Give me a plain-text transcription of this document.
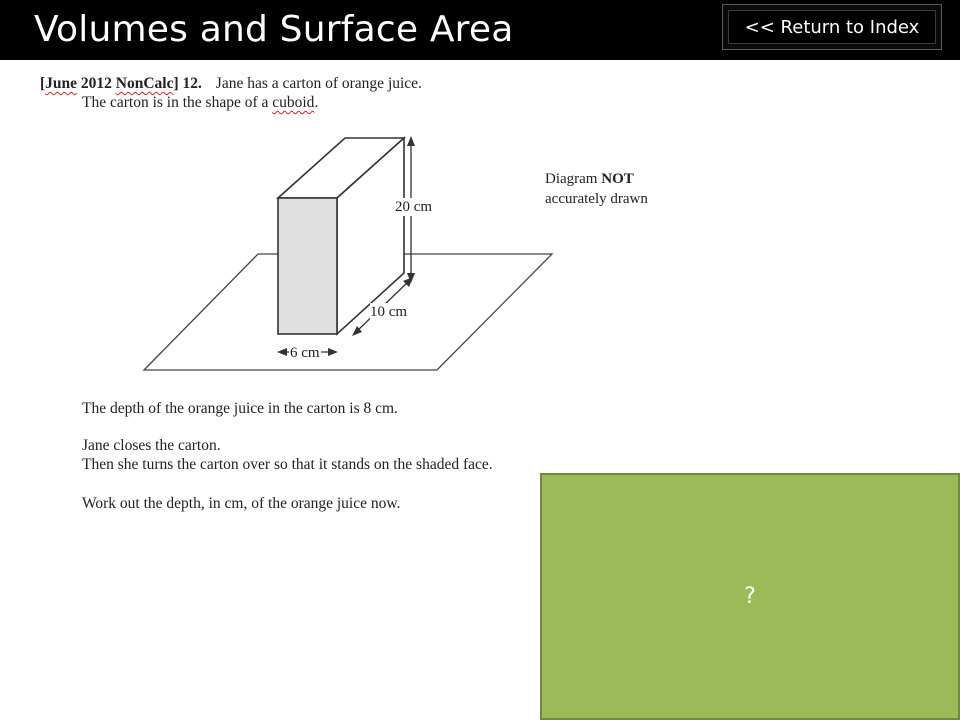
Volumes and Surface Area	<< Return to Index
[June 2012 NonCalc] 12. Jane has a carton of orange juice.
The carton is in the shape of a cuboid.
20 cm
10 cm
6 cm
Diagram NOT
accurately drawn
The depth of the orange juice in the carton is 8 cm.
Jane closes the carton.
Then she turns the carton over so that it stands on the shaded face.
Work out the depth, in cm, of the orange juice now.
?
